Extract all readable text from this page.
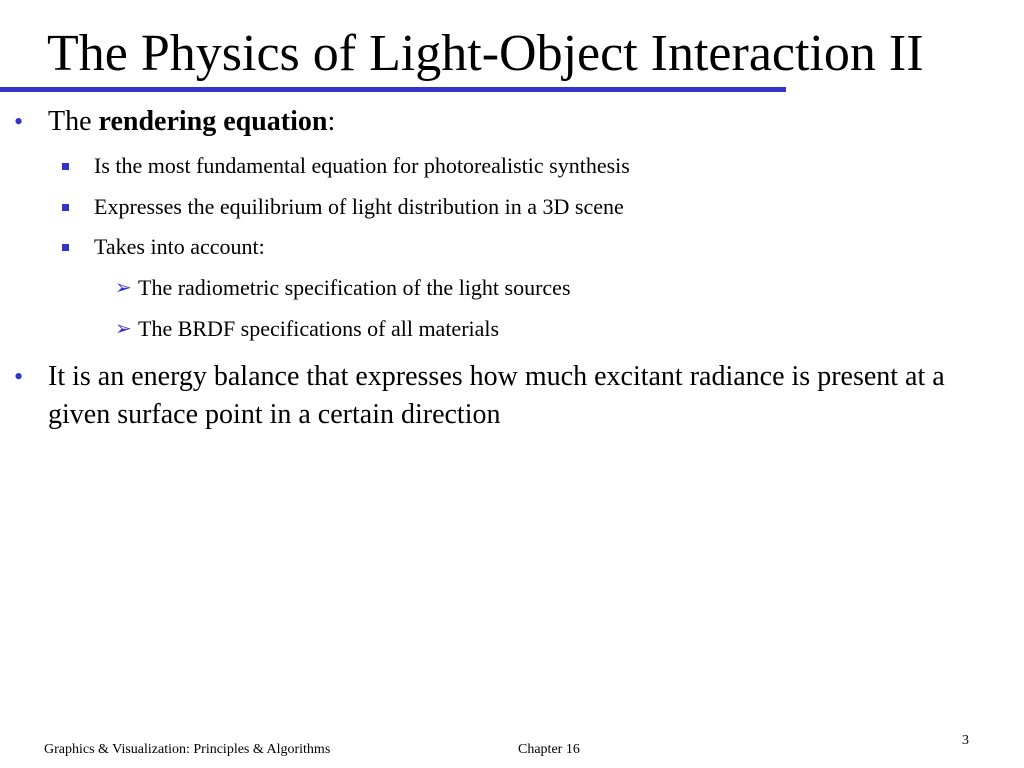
The Physics of Light-Object Interaction II
• The rendering equation:
Is the most fundamental equation for photorealistic synthesis
Expresses the equilibrium of light distribution in a 3D scene
Takes into account:
➢ The radiometric specification of the light sources
➢ The BRDF specifications of all materials
• It is an energy balance that expresses how much excitant radiance is present at a given surface point in a certain direction
Graphics & Visualization: Principles & Algorithms	Chapter 16
3
